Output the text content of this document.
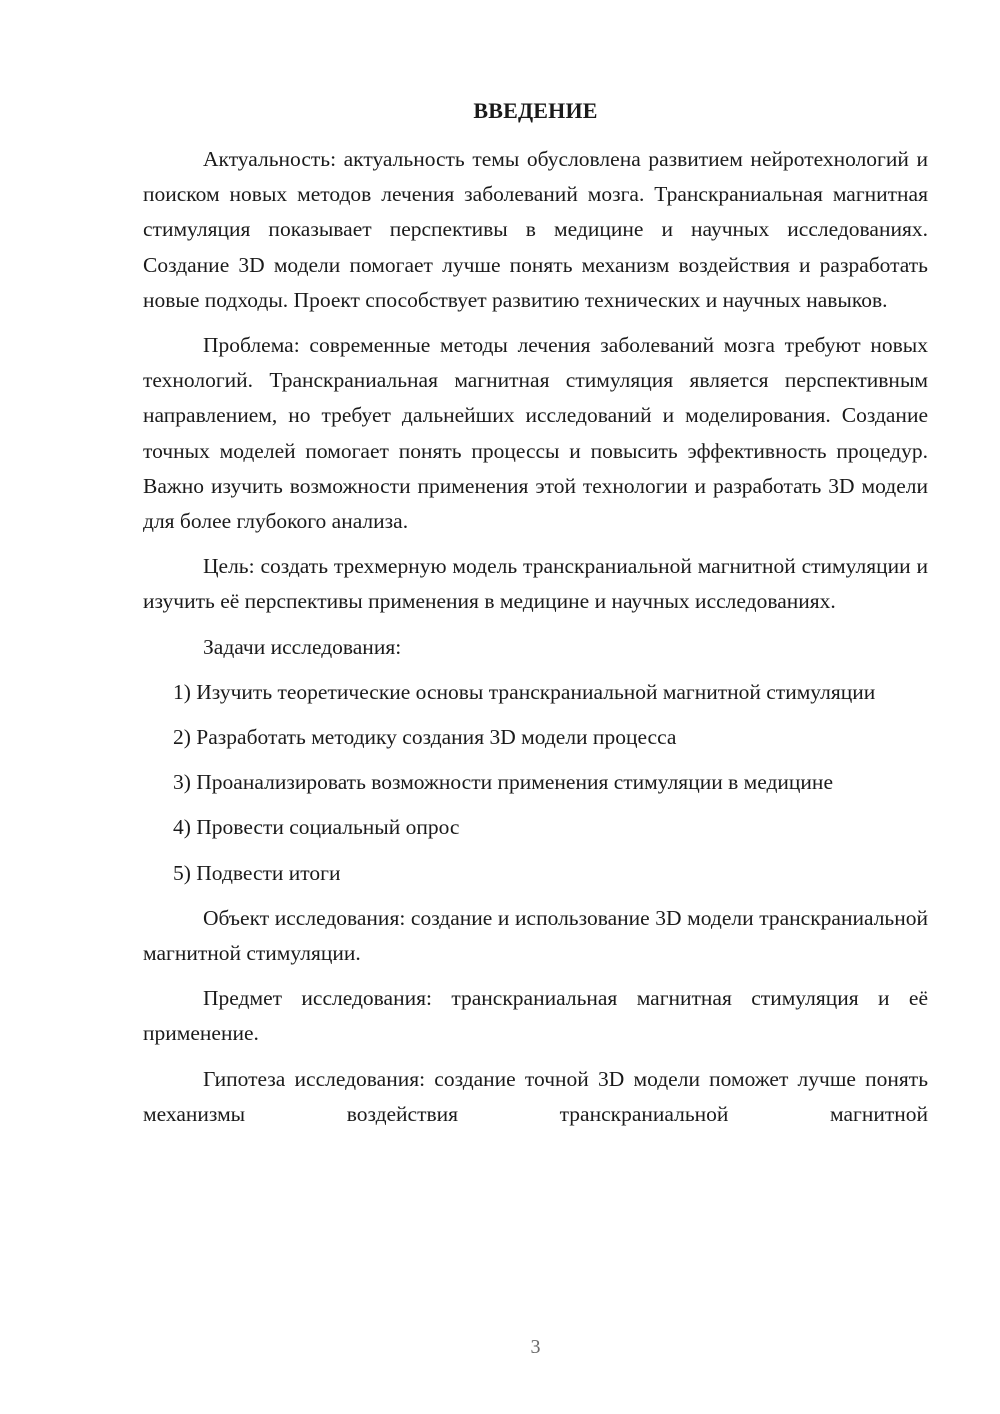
ВВЕДЕНИЕ

Актуальность: актуальность темы обусловлена развитием нейротехнологий и поиском новых методов лечения заболеваний мозга. Транскраниальная магнитная стимуляция показывает перспективы в медицине и научных исследованиях. Создание 3D модели помогает лучше понять механизм воздействия и разработать новые подходы. Проект способствует развитию технических и научных навыков.

Проблема: современные методы лечения заболеваний мозга требуют новых технологий. Транскраниальная магнитная стимуляция является перспективным направлением, но требует дальнейших исследований и моделирования. Создание точных моделей помогает понять процессы и повысить эффективность процедур. Важно изучить возможности применения этой технологии и разработать 3D модели для более глубокого анализа.

Цель: создать трехмерную модель транскраниальной магнитной стимуляции и изучить её перспективы применения в медицине и научных исследованиях.

Задачи исследования:

1) Изучить теоретические основы транскраниальной магнитной стимуляции

2) Разработать методику создания 3D модели процесса

3) Проанализировать возможности применения стимуляции в медицине

4) Провести социальный опрос

5) Подвести итоги

Объект исследования: создание и использование 3D модели транскраниальной магнитной стимуляции.

Предмет исследования: транскраниальная магнитная стимуляция и её применение.

Гипотеза исследования: создание точной 3D модели поможет лучше понять механизмы воздействия транскраниальной магнитной

3
